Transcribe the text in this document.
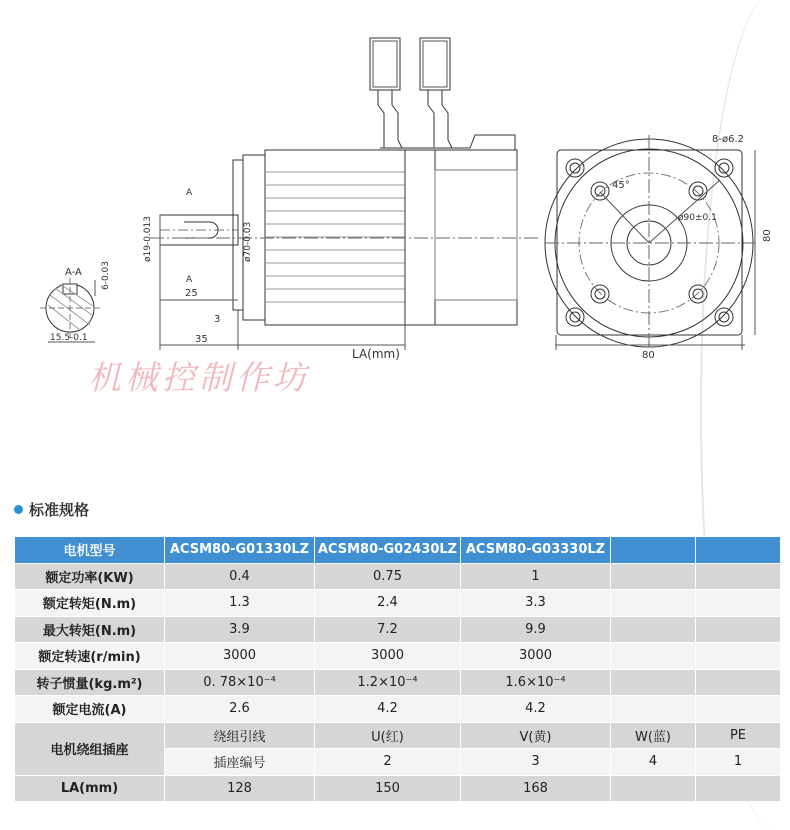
A-A 6-0.03
15.5-0.1
A
A
ø19-0.013	ø70-0.03
25
3
35
LA(mm)
8-ø6.2
45°
ø90±0.1
80
80
机械控制作坊
标准规格
电机型号	ACSM80-G01330LZ	ACSM80-G02430LZ	ACSM80-G03330LZ		
额定功率(KW)	0.4	0.75	1		
额定转矩(N.m)	1.3	2.4	3.3		
最大转矩(N.m)	3.9	7.2	9.9		
额定转速(r/min)	3000	3000	3000		
转子惯量(kg.m²)	0. 78×10⁻⁴	1.2×10⁻⁴	1.6×10⁻⁴		
额定电流(A)	2.6	4.2	4.2		
电机绕组插座	绕组引线	U(红)	V(黄)	W(蓝)	PE
	插座编号	2	3	4	1
LA(mm)	128	150	168		
